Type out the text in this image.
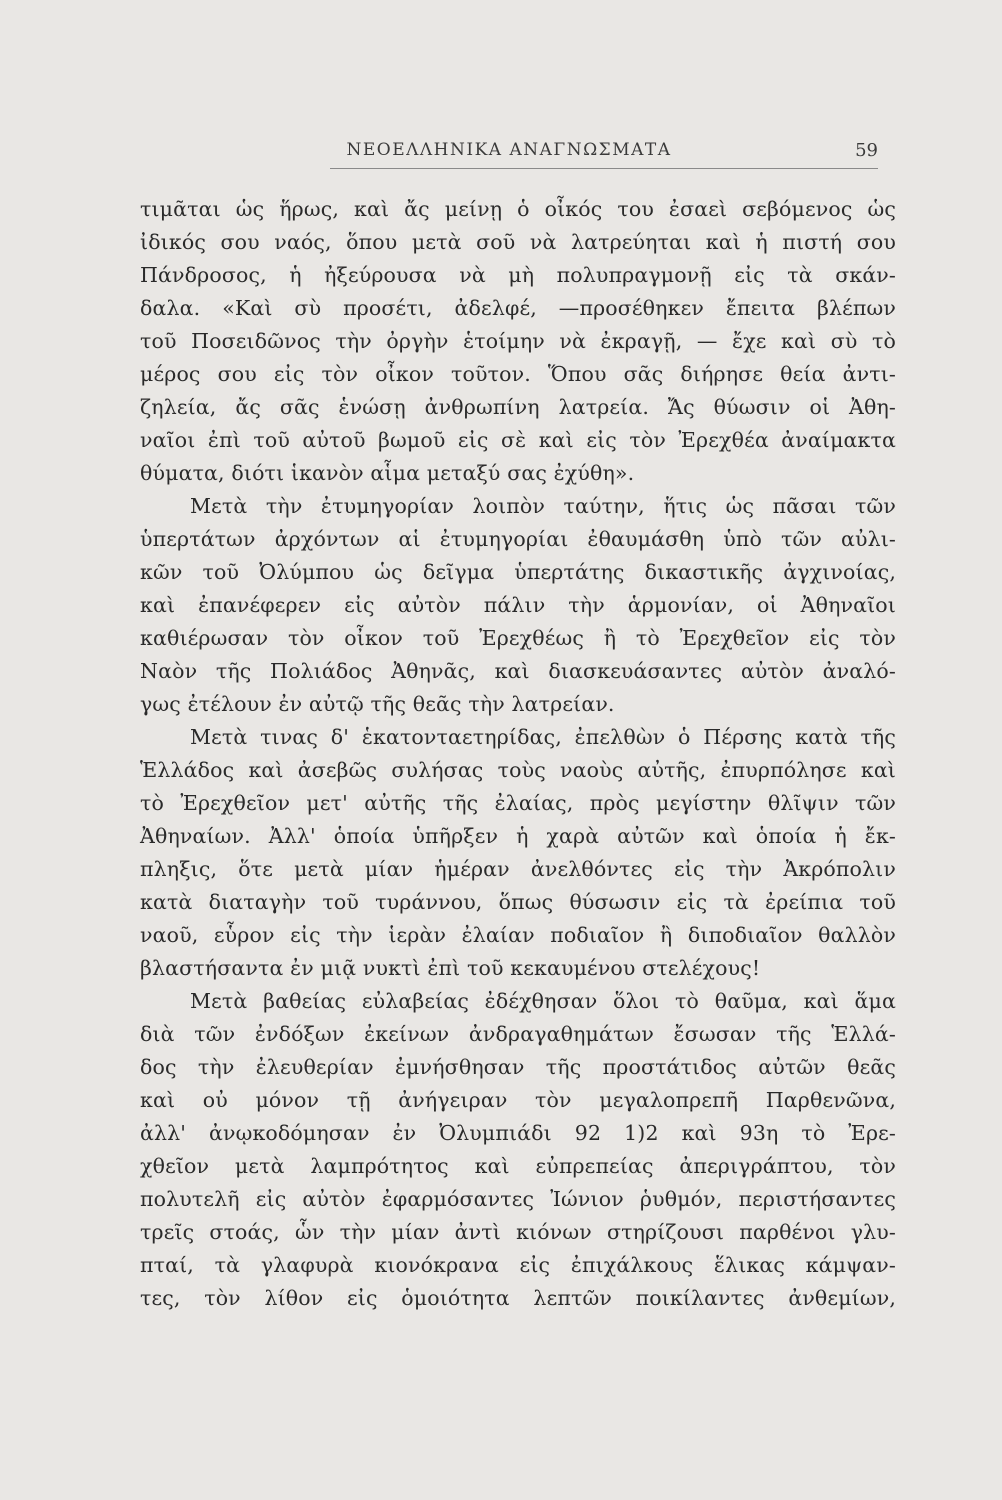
ΝΕΟΕΛΛΗΝΙΚΑ ΑΝΑΓΝΩΣΜΑΤΑ	59
τιμᾶται ὡς ἥρως, καὶ ἄς μείνῃ ὁ οἶκός του ἐσαεὶ σεβόμενος ὡς
ἰδικός σου ναός, ὅπου μετὰ σοῦ νὰ λατρεύηται καὶ ἡ πιστή σου
Πάνδροσος, ἡ ἠξεύρουσα νὰ μὴ πολυπραγμονῇ εἰς τὰ σκάν-
δαλα. «Καὶ σὺ προσέτι, ἀδελφέ, —προσέθηκεν ἔπειτα βλέπων
τοῦ Ποσειδῶνος τὴν ὀργὴν ἑτοίμην νὰ ἐκραγῇ, — ἔχε καὶ σὺ τὸ
μέρος σου εἰς τὸν οἶκον τοῦτον. Ὅπου σᾶς διήρησε θεία ἀντι-
ζηλεία, ἄς σᾶς ἑνώσῃ ἀνθρωπίνη λατρεία. Ἄς θύωσιν οἱ Ἀθη-
ναῖοι ἐπὶ τοῦ αὐτοῦ βωμοῦ εἰς σὲ καὶ εἰς τὸν Ἐρεχθέα ἀναίμακτα
θύματα, διότι ἱκανὸν αἷμα μεταξύ σας ἐχύθη».
Μετὰ τὴν ἐτυμηγορίαν λοιπὸν ταύτην, ἥτις ὡς πᾶσαι τῶν
ὑπερτάτων ἀρχόντων αἱ ἐτυμηγορίαι ἐθαυμάσθη ὑπὸ τῶν αὐλι-
κῶν τοῦ Ὀλύμπου ὡς δεῖγμα ὑπερτάτης δικαστικῆς ἀγχινοίας,
καὶ ἐπανέφερεν εἰς αὐτὸν πάλιν τὴν ἁρμονίαν, οἱ Ἀθηναῖοι
καθιέρωσαν τὸν οἶκον τοῦ Ἐρεχθέως ἢ τὸ Ἐρεχθεῖον εἰς τὸν
Ναὸν τῆς Πολιάδος Ἀθηνᾶς, καὶ διασκευάσαντες αὐτὸν ἀναλό-
γως ἐτέλουν ἐν αὐτῷ τῆς θεᾶς τὴν λατρείαν.
Μετὰ τινας δ' ἑκατονταετηρίδας, ἐπελθὼν ὁ Πέρσης κατὰ τῆς
Ἑλλάδος καὶ ἀσεβῶς συλήσας τοὺς ναοὺς αὐτῆς, ἐπυρπόλησε καὶ
τὸ Ἐρεχθεῖον μετ' αὐτῆς τῆς ἐλαίας, πρὸς μεγίστην θλῖψιν τῶν
Ἀθηναίων. Ἀλλ' ὁποία ὑπῆρξεν ἡ χαρὰ αὐτῶν καὶ ὁποία ἡ ἔκ-
πληξις, ὅτε μετὰ μίαν ἡμέραν ἀνελθόντες εἰς τὴν Ἀκρόπολιν
κατὰ διαταγὴν τοῦ τυράννου, ὅπως θύσωσιν εἰς τὰ ἐρείπια τοῦ
ναοῦ, εὗρον εἰς τὴν ἱερὰν ἐλαίαν ποδιαῖον ἢ διποδιαῖον θαλλὸν
βλαστήσαντα ἐν μιᾷ νυκτὶ ἐπὶ τοῦ κεκαυμένου στελέχους!
Μετὰ βαθείας εὐλαβείας ἐδέχθησαν ὅλοι τὸ θαῦμα, καὶ ἅμα
διὰ τῶν ἐνδόξων ἐκείνων ἀνδραγαθημάτων ἔσωσαν τῆς Ἑλλά-
δος τὴν ἐλευθερίαν ἐμνήσθησαν τῆς προστάτιδος αὐτῶν θεᾶς
καὶ οὐ μόνον τῇ ἀνήγειραν τὸν μεγαλοπρεπῆ Παρθενῶνα,
ἀλλ' ἀνῳκοδόμησαν ἐν Ὀλυμπιάδι 92 1)2 καὶ 93η τὸ Ἐρε-
χθεῖον μετὰ λαμπρότητος καὶ εὐπρεπείας ἀπεριγράπτου, τὸν
πολυτελῆ εἰς αὐτὸν ἐφαρμόσαντες Ἰώνιον ῥυθμόν, περιστήσαντες
τρεῖς στοάς, ὧν τὴν μίαν ἀντὶ κιόνων στηρίζουσι παρθένοι γλυ-
πταί, τὰ γλαφυρὰ κιονόκρανα εἰς ἐπιχάλκους ἕλικας κάμψαν-
τες, τὸν λίθον εἰς ὁμοιότητα λεπτῶν ποικίλαντες ἀνθεμίων,
